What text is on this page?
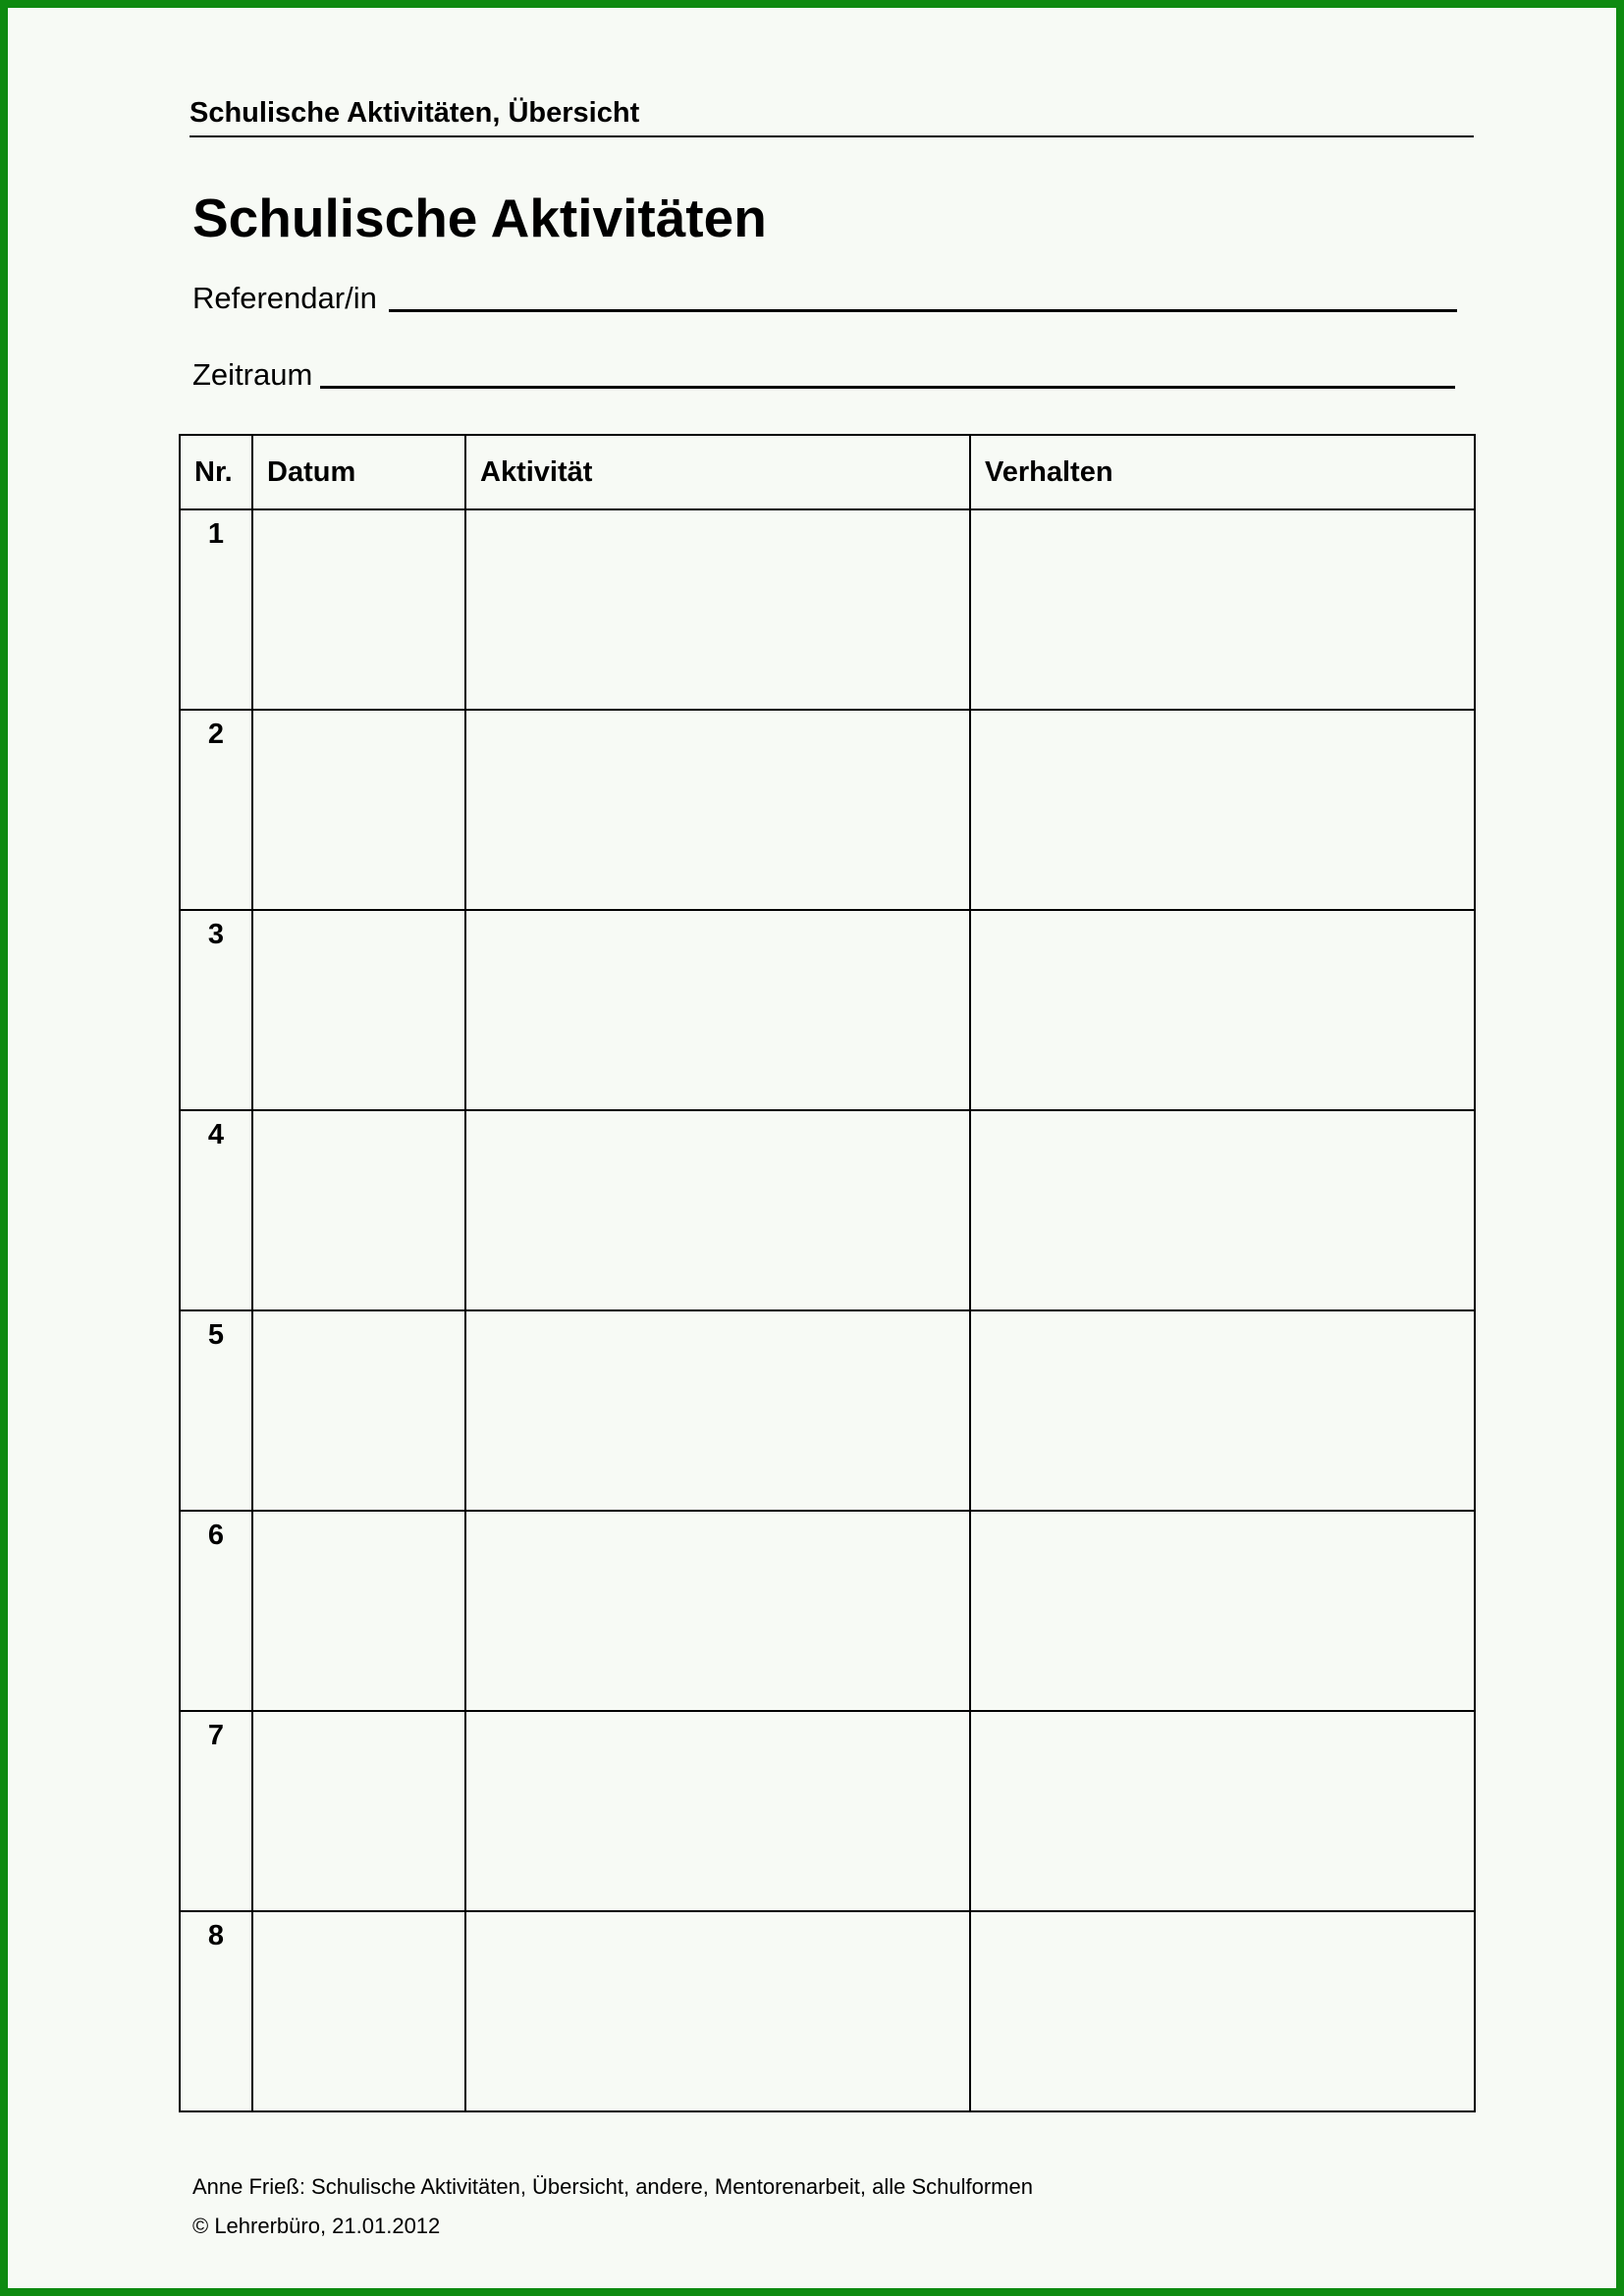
Schulische Aktivitäten, Übersicht
Schulische Aktivitäten
Referendar/in
Zeitraum
Nr.	Datum	Aktivität	Verhalten
1			
2			
3			
4			
5			
6			
7			
8			
Anne Frieß: Schulische Aktivitäten, Übersicht, andere, Mentorenarbeit, alle Schulformen
© Lehrerbüro, 21.01.2012
